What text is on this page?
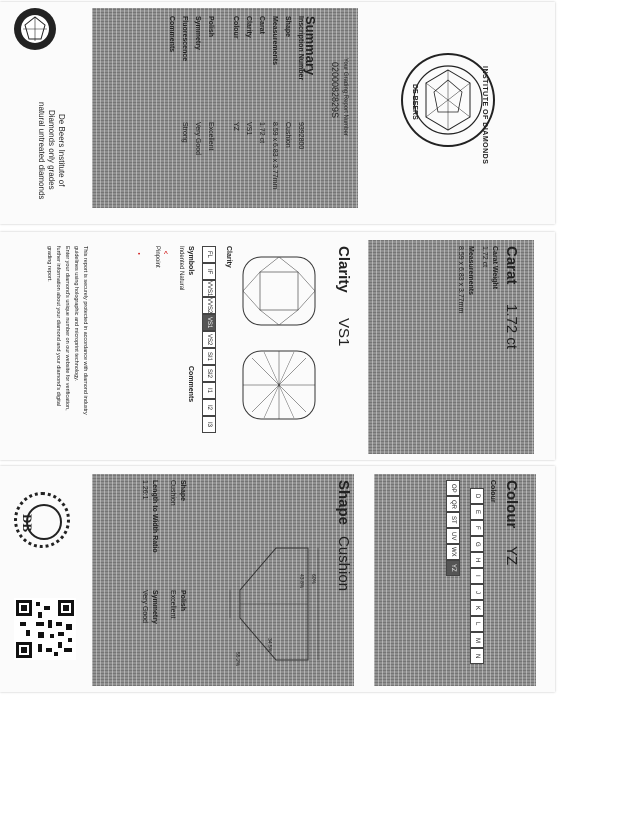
Summary
Your Grading Report Number
0200082829S
Inscription Number
9392800
Shape
Cushion
Measurements
8.59 x 6.83 x 3.77mm
Carat
1.72 ct
Clarity
VS1
Colour
YZ
Polish
Excellent
Symmetry
Very Good
Fluorescence
Strong
Comments
De Beers Institute of
Diamonds only grades
natural untreated diamonds	INSTITUTE OF DIAMONDS
DE BEERS
Carat
1.72 ct
Carat Weight
1.72 ct
Measurements
8.59 x 6.83 x 3.77mm
Clarity
VS1
Clarity
FL
IF
VVS1
VVS2
VS1
VS2
SI1
SI2
I1
I2
I3
Symbols
Indented Natural
^
Pinpoint
•
Comments
This report is securely protected in accordance with diamond industry
guidelines using holographic and microprint technology.
Enter your diamond's unique number on our website for verification,
further information about your diamond and your diamond's digital
grading report.
Colour
YZ
Colour
D
E
F
G
H
I
J
K
L
M
N
OP
QR
ST
UV
WX
YZ
Shape
Cushion
60%
34.5%
43.8%
55.2%
Shape
Cushion
Length to Width Ratio
1.26:1
Polish
Excellent
Symmetry
Very Good
DB
